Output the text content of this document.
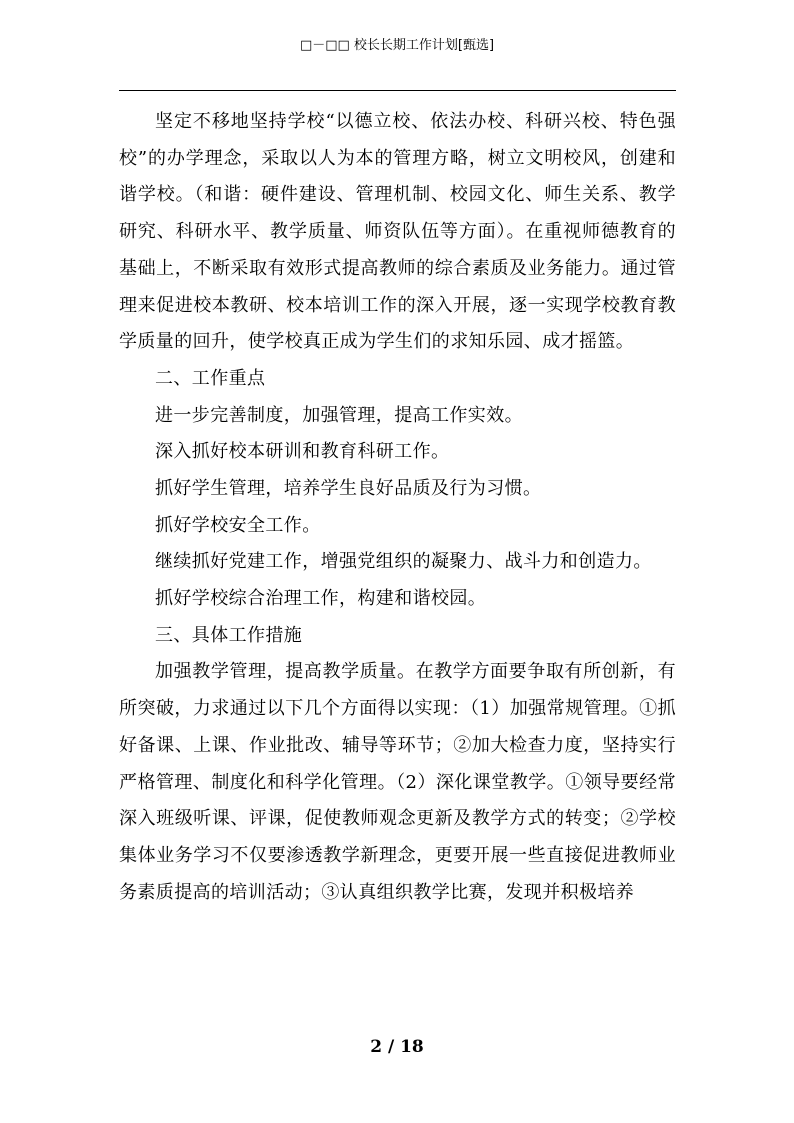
□－□□ 校长长期工作计划[甄选]

坚定不移地坚持学校“以德立校、依法办校、科研兴校、特色强校”的办学理念，采取以人为本的管理方略，树立文明校风，创建和谐学校。（和谐：硬件建设、管理机制、校园文化、师生关系、教学研究、科研水平、教学质量、师资队伍等方面）。在重视师德教育的基础上，不断采取有效形式提高教师的综合素质及业务能力。通过管理来促进校本教研、校本培训工作的深入开展，逐一实现学校教育教学质量的回升，使学校真正成为学生们的求知乐园、成才摇篮。

二、工作重点

进一步完善制度，加强管理，提高工作实效。

深入抓好校本研训和教育科研工作。

抓好学生管理，培养学生良好品质及行为习惯。

抓好学校安全工作。

继续抓好党建工作，增强党组织的凝聚力、战斗力和创造力。

抓好学校综合治理工作，构建和谐校园。

三、具体工作措施

加强教学管理，提高教学质量。在教学方面要争取有所创新，有所突破，力求通过以下几个方面得以实现：（1）加强常规管理。①抓好备课、上课、作业批改、辅导等环节；②加大检查力度，坚持实行严格管理、制度化和科学化管理。（2）深化课堂教学。①领导要经常深入班级听课、评课，促使教师观念更新及教学方式的转变；②学校集体业务学习不仅要渗透教学新理念，更要开展一些直接促进教师业务素质提高的培训活动；③认真组织教学比赛，发现并积极培养

2 / 18
